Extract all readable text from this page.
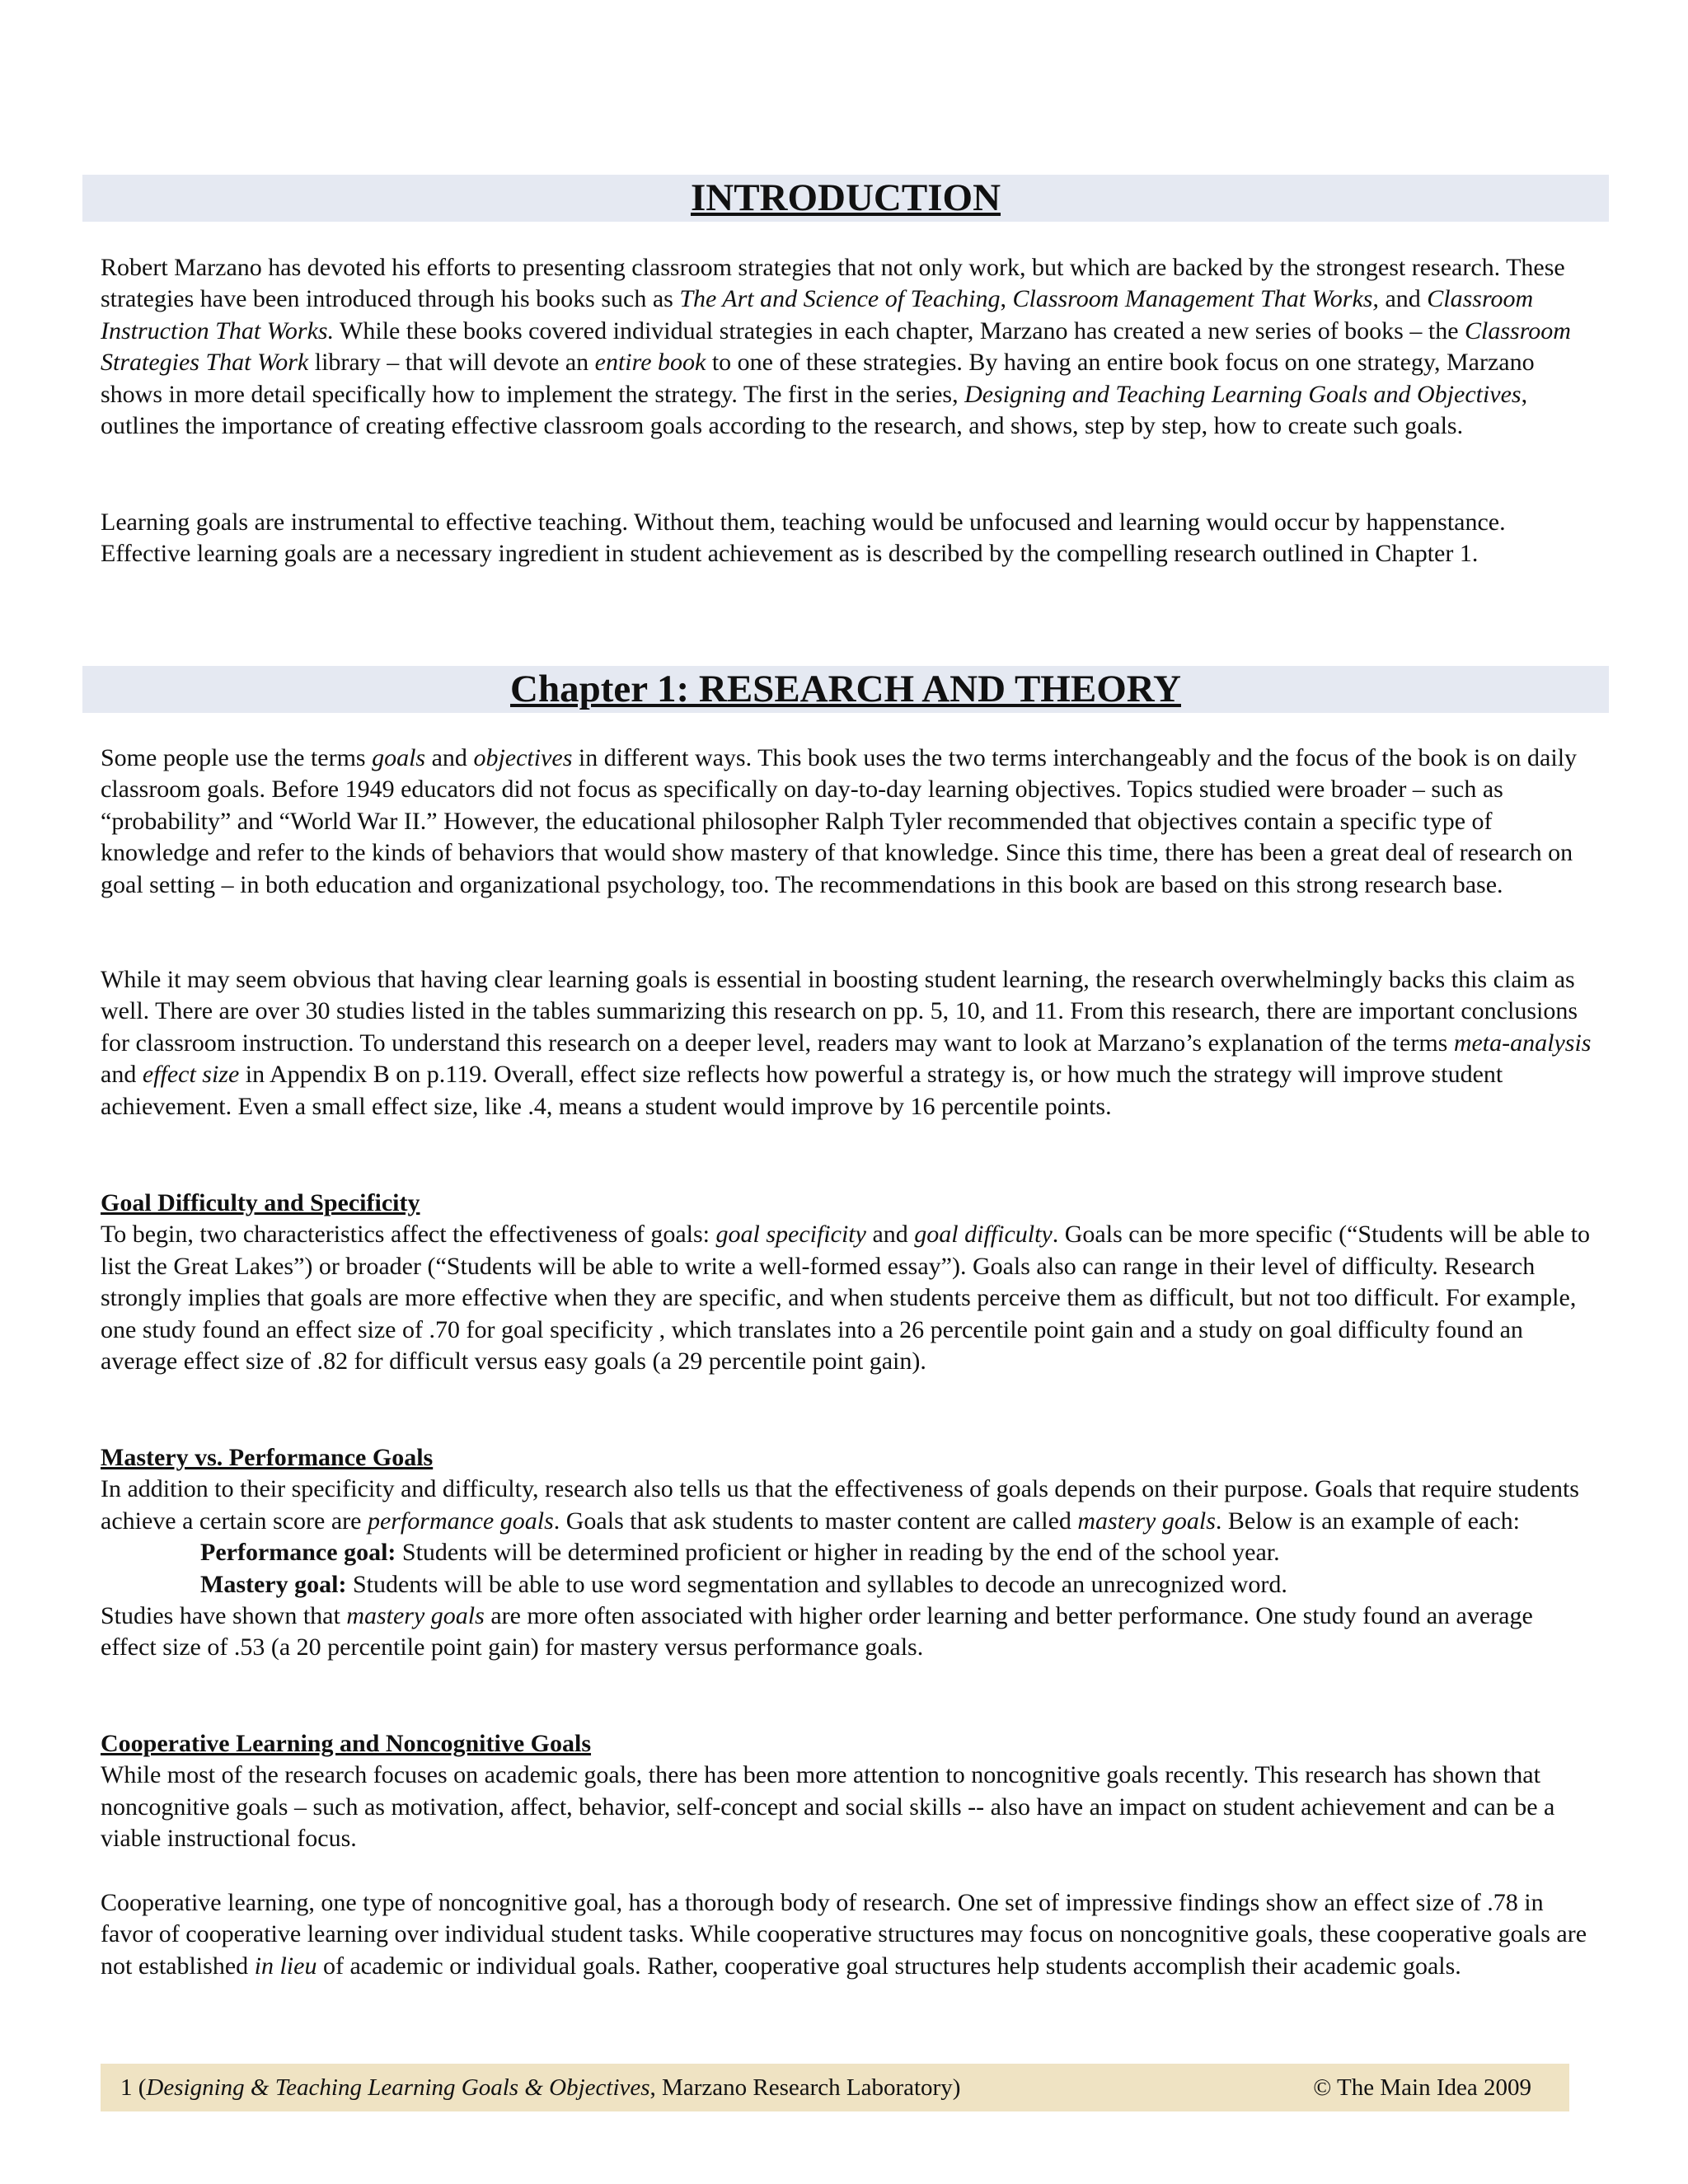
INTRODUCTION

Robert Marzano has devoted his efforts to presenting classroom strategies that not only work, but which are backed by the strongest research. These strategies have been introduced through his books such as The Art and Science of Teaching, Classroom Management That Works, and Classroom Instruction That Works. While these books covered individual strategies in each chapter, Marzano has created a new series of books – the Classroom Strategies That Work library – that will devote an entire book to one of these strategies. By having an entire book focus on one strategy, Marzano shows in more detail specifically how to implement the strategy. The first in the series, Designing and Teaching Learning Goals and Objectives, outlines the importance of creating effective classroom goals according to the research, and shows, step by step, how to create such goals.

Learning goals are instrumental to effective teaching. Without them, teaching would be unfocused and learning would occur by happenstance. Effective learning goals are a necessary ingredient in student achievement as is described by the compelling research outlined in Chapter 1.

Chapter 1: RESEARCH AND THEORY

Some people use the terms goals and objectives in different ways. This book uses the two terms interchangeably and the focus of the book is on daily classroom goals. Before 1949 educators did not focus as specifically on day-to-day learning objectives. Topics studied were broader – such as “probability” and “World War II.” However, the educational philosopher Ralph Tyler recommended that objectives contain a specific type of knowledge and refer to the kinds of behaviors that would show mastery of that knowledge. Since this time, there has been a great deal of research on goal setting – in both education and organizational psychology, too. The recommendations in this book are based on this strong research base.

While it may seem obvious that having clear learning goals is essential in boosting student learning, the research overwhelmingly backs this claim as well. There are over 30 studies listed in the tables summarizing this research on pp. 5, 10, and 11. From this research, there are important conclusions for classroom instruction. To understand this research on a deeper level, readers may want to look at Marzano’s explanation of the terms meta-analysis and effect size in Appendix B on p.119. Overall, effect size reflects how powerful a strategy is, or how much the strategy will improve student achievement. Even a small effect size, like .4, means a student would improve by 16 percentile points.

Goal Difficulty and Specificity
To begin, two characteristics affect the effectiveness of goals: goal specificity and goal difficulty. Goals can be more specific (“Students will be able to list the Great Lakes”) or broader (“Students will be able to write a well-formed essay”). Goals also can range in their level of difficulty. Research strongly implies that goals are more effective when they are specific, and when students perceive them as difficult, but not too difficult. For example, one study found an effect size of .70 for goal specificity , which translates into a 26 percentile point gain and a study on goal difficulty found an average effect size of .82 for difficult versus easy goals (a 29 percentile point gain).

Mastery vs. Performance Goals
In addition to their specificity and difficulty, research also tells us that the effectiveness of goals depends on their purpose. Goals that require students achieve a certain score are performance goals. Goals that ask students to master content are called mastery goals. Below is an example of each:
Performance goal: Students will be determined proficient or higher in reading by the end of the school year.
Mastery goal: Students will be able to use word segmentation and syllables to decode an unrecognized word.
Studies have shown that mastery goals are more often associated with higher order learning and better performance. One study found an average effect size of .53 (a 20 percentile point gain) for mastery versus performance goals.

Cooperative Learning and Noncognitive Goals
While most of the research focuses on academic goals, there has been more attention to noncognitive goals recently. This research has shown that noncognitive goals – such as motivation, affect, behavior, self-concept and social skills -- also have an impact on student achievement and can be a viable instructional focus.

Cooperative learning, one type of noncognitive goal, has a thorough body of research. One set of impressive findings show an effect size of .78 in favor of cooperative learning over individual student tasks. While cooperative structures may focus on noncognitive goals, these cooperative goals are not established in lieu of academic or individual goals. Rather, cooperative goal structures help students accomplish their academic goals.

1 (Designing & Teaching Learning Goals & Objectives, Marzano Research Laboratory)	© The Main Idea 2009
